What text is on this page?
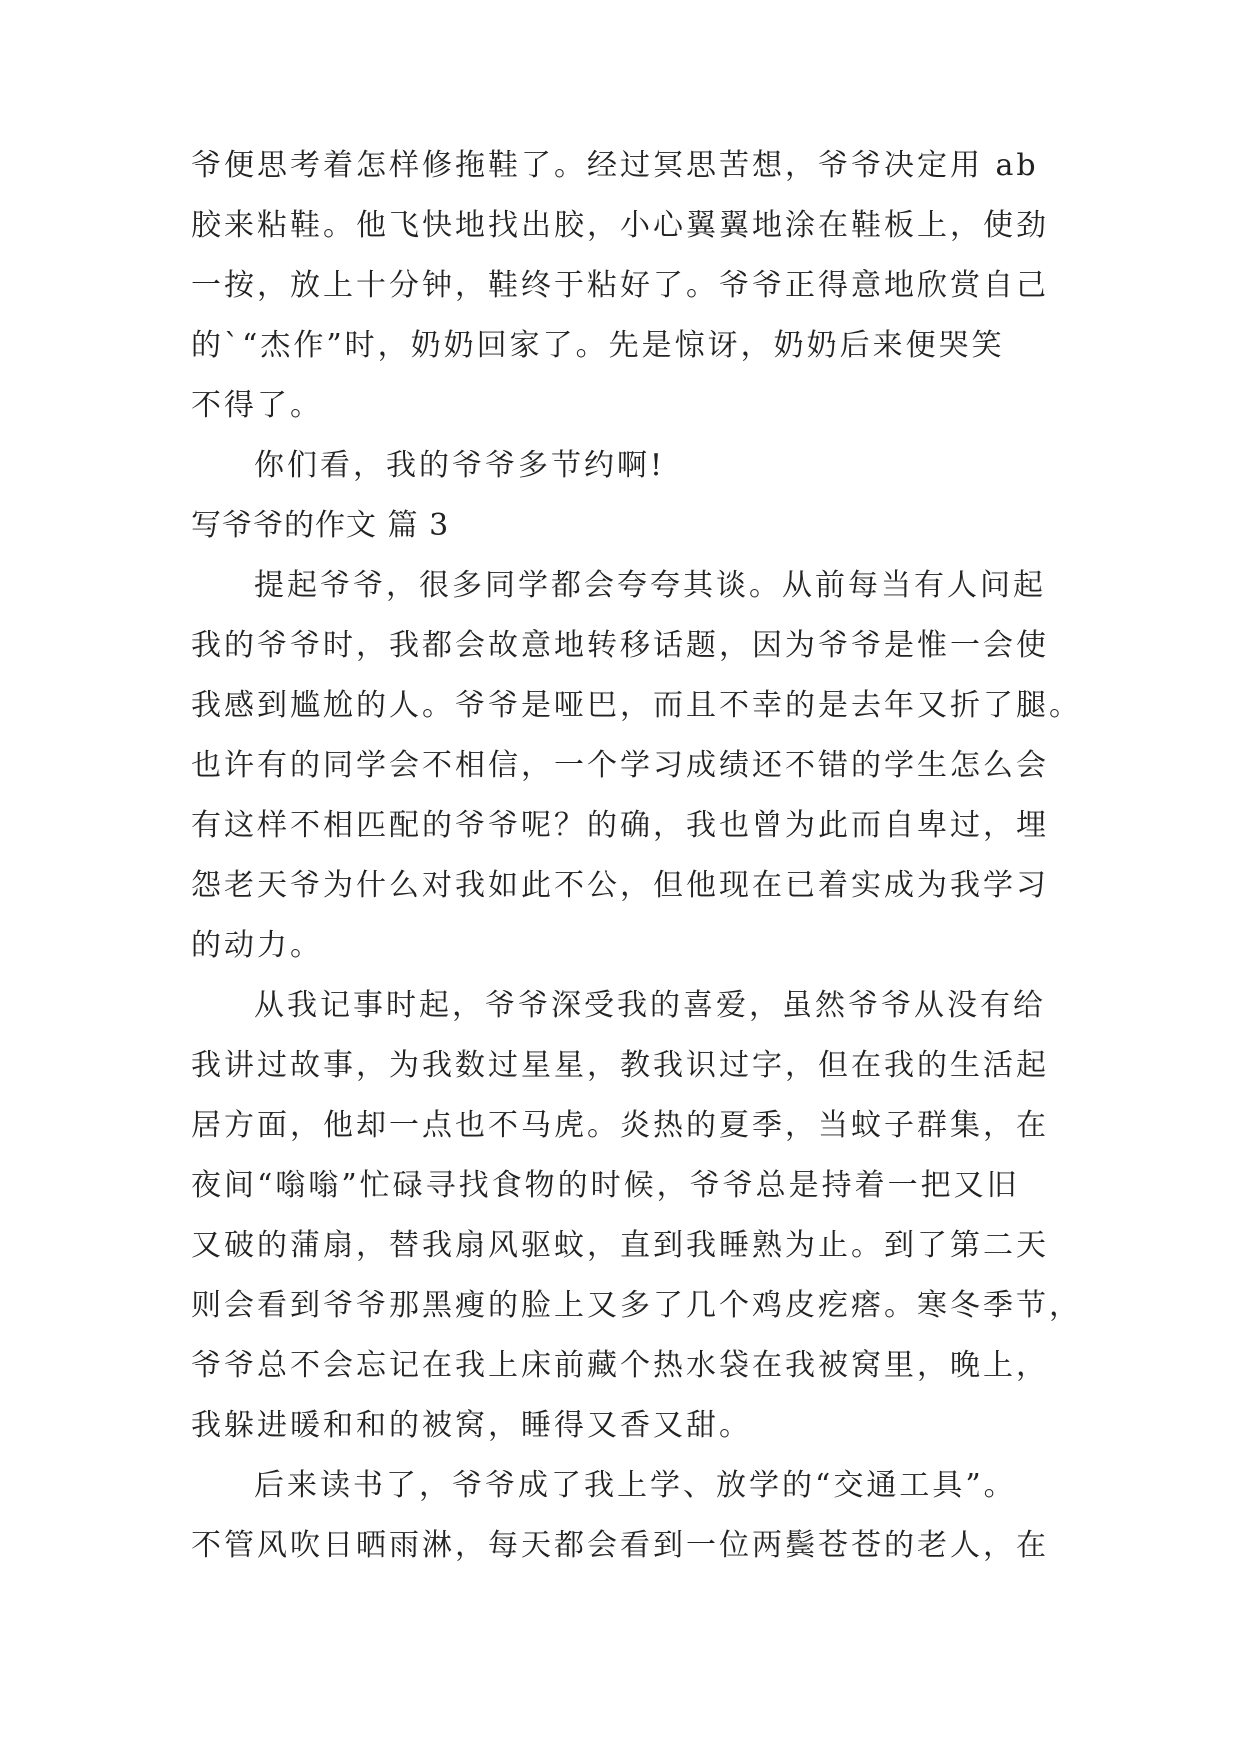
爷便思考着怎样修拖鞋了。经过冥思苦想，爷爷决定用 ab

胶来粘鞋。他飞快地找出胶，小心翼翼地涂在鞋板上，使劲

一按，放上十分钟，鞋终于粘好了。爷爷正得意地欣赏自己

的`“杰作”时，奶奶回家了。先是惊讶，奶奶后来便哭笑

不得了。

你们看，我的爷爷多节约啊!

写爷爷的作文 篇 3

提起爷爷，很多同学都会夸夸其谈。从前每当有人问起

我的爷爷时，我都会故意地转移话题，因为爷爷是惟一会使

我感到尴尬的人。爷爷是哑巴，而且不幸的是去年又折了腿。

也许有的同学会不相信，一个学习成绩还不错的学生怎么会

有这样不相匹配的爷爷呢？的确，我也曾为此而自卑过，埋

怨老天爷为什么对我如此不公，但他现在已着实成为我学习

的动力。

从我记事时起，爷爷深受我的喜爱，虽然爷爷从没有给

我讲过故事，为我数过星星，教我识过字，但在我的生活起

居方面，他却一点也不马虎。炎热的夏季，当蚊子群集，在

夜间“嗡嗡”忙碌寻找食物的时候，爷爷总是持着一把又旧

又破的蒲扇，替我扇风驱蚊，直到我睡熟为止。到了第二天

则会看到爷爷那黑瘦的脸上又多了几个鸡皮疙瘩。寒冬季节，

爷爷总不会忘记在我上床前藏个热水袋在我被窝里，晚上，

我躲进暖和和的被窝，睡得又香又甜。

后来读书了，爷爷成了我上学、放学的“交通工具”。

不管风吹日晒雨淋，每天都会看到一位两鬓苍苍的老人，在
